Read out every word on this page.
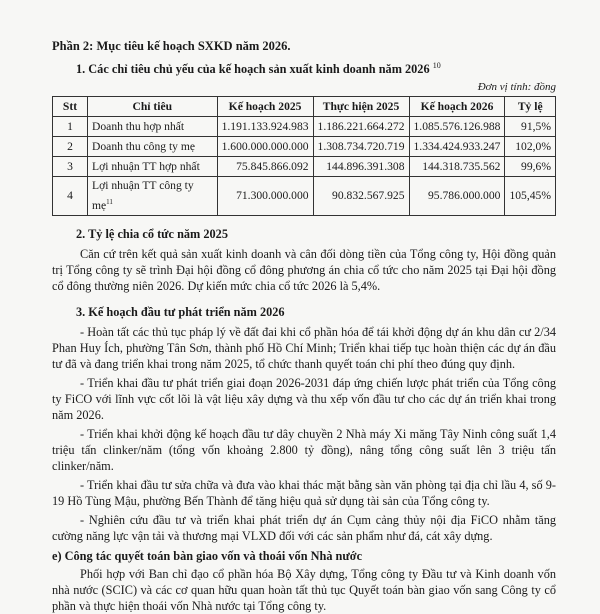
Phần 2: Mục tiêu kế hoạch SXKD năm 2026.
1. Các chỉ tiêu chủ yếu của kế hoạch sản xuất kinh doanh năm 2026 $^{10}$
Đơn vị tính: đồng
Stt	Chỉ tiêu	Kế hoạch 2025	Thực hiện 2025	Kế hoạch 2026	Tỷ lệ
1	Doanh thu hợp nhất	1.191.133.924.983	1.186.221.664.272	1.085.576.126.988	91,5%
2	Doanh thu công ty mẹ	1.600.000.000.000	1.308.734.720.719	1.334.424.933.247	102,0%
3	Lợi nhuận TT hợp nhất	75.845.866.092	144.896.391.308	144.318.735.562	99,6%
4	Lợi nhuận TT công ty mẹ$^{11}$	71.300.000.000	90.832.567.925	95.786.000.000	105,45%
2. Tỷ lệ chia cổ tức năm 2025

Căn cứ trên kết quả sản xuất kinh doanh và cân đối dòng tiền của Tổng công ty, Hội đồng quản trị Tổng công ty sẽ trình Đại hội đồng cổ đông phương án chia cổ tức cho năm 2025 tại Đại hội đồng cổ đông thường niên 2026. Dự kiến mức chia cổ tức 2026 là 5,4%.

3. Kế hoạch đầu tư phát triển năm 2026

- Hoàn tất các thủ tục pháp lý về đất đai khi cổ phần hóa để tái khởi động dự án khu dân cư 2/34 Phan Huy Ích, phường Tân Sơn, thành phố Hồ Chí Minh; Triển khai tiếp tục hoàn thiện các dự án đầu tư đã và đang triển khai trong năm 2025, tổ chức thanh quyết toán chi phí theo đúng quy định.

- Triển khai đầu tư phát triển giai đoạn 2026-2031 đáp ứng chiến lược phát triển của Tổng công ty FiCO với lĩnh vực cốt lõi là vật liệu xây dựng và thu xếp vốn đầu tư cho các dự án triển khai trong năm 2026.

- Triển khai khởi động kế hoạch đầu tư dây chuyền 2 Nhà máy Xi măng Tây Ninh công suất 1,4 triệu tấn clinker/năm (tổng vốn khoảng 2.800 tỷ đồng), nâng tổng công suất lên 3 triệu tấn clinker/năm.

- Triển khai đầu tư sửa chữa và đưa vào khai thác mặt bằng sàn văn phòng tại địa chỉ lầu 4, số 9-19 Hồ Tùng Mậu, phường Bến Thành để tăng hiệu quả sử dụng tài sản của Tổng công ty.

- Nghiên cứu đầu tư và triển khai phát triển dự án Cụm cảng thủy nội địa FiCO nhằm tăng cường năng lực vận tải và thương mại VLXD đối với các sản phẩm như đá, cát xây dựng.

e) Công tác quyết toán bàn giao vốn và thoái vốn Nhà nước

Phối hợp với Ban chỉ đạo cổ phần hóa Bộ Xây dựng, Tổng công ty Đầu tư và Kinh doanh vốn nhà nước (SCIC) và các cơ quan hữu quan hoàn tất thủ tục Quyết toán bàn giao vốn sang Công ty cổ phần và thực hiện thoái vốn Nhà nước tại Tổng công ty.
